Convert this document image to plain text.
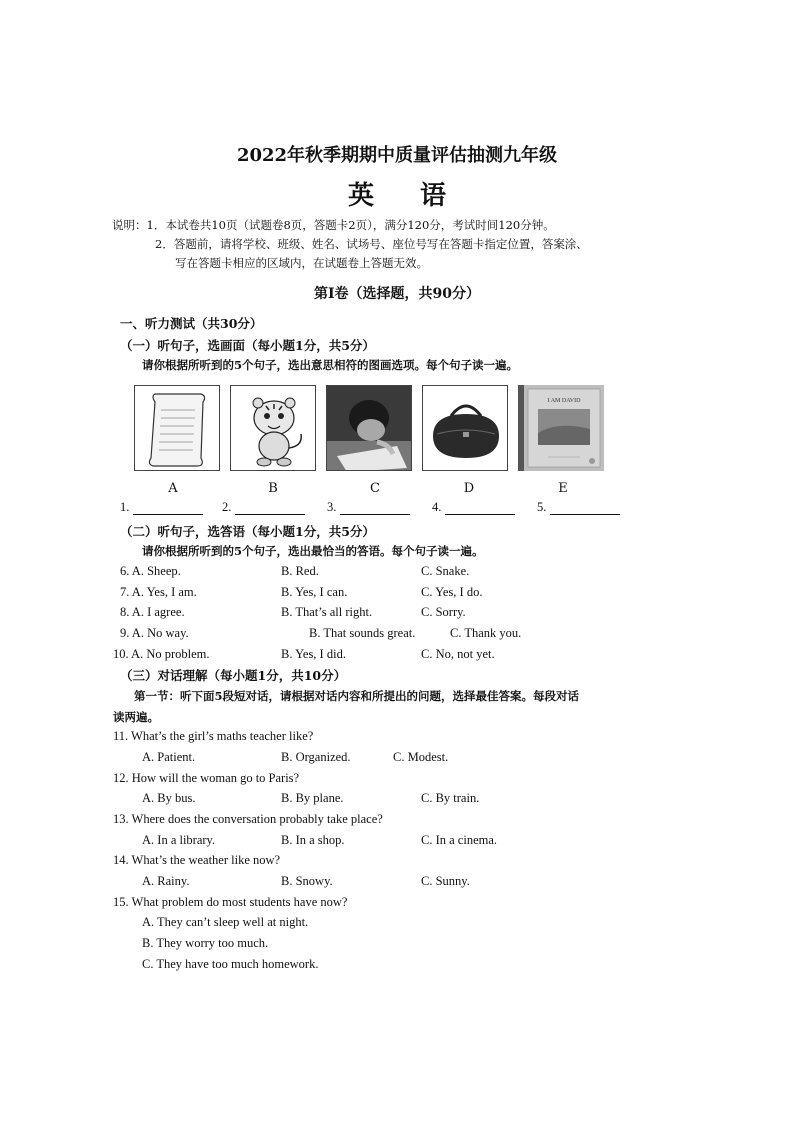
2022年秋季期期中质量评估抽测九年级
英语
说明：1．本试卷共10页（试题卷8页，答题卡2页），满分120分，考试时间120分钟。
2．答题前，请将学校、班级、姓名、试场号、座位号写在答题卡指定位置，答案涂、
写在答题卡相应的区域内，在试题卷上答题无效。
第Ⅰ卷（选择题，共90分）
一、听力测试（共30分）
（一）听句子，选画面（每小题1分，共5分）
请你根据所听到的5个句子，选出意思相符的图画选项。每个句子读一遍。
I AM DAVID
A	B	C	D	E
1.	2.	3.	4.	5.
（二）听句子，选答语（每小题1分，共5分）
请你根据所听到的5个句子，选出最恰当的答语。每个句子读一遍。
6. A. Sheep.	B. Red.	C. Snake.
7. A. Yes, I am.	B. Yes, I can.	C. Yes, I do.
8. A. I agree.	B. That’s all right.	C. Sorry.
9. A. No way.	B. That sounds great.	C. Thank you.
10. A. No problem.	B. Yes, I did.	C. No, not yet.
（三）对话理解（每小题1分，共10分）
第一节：听下面5段短对话，请根据对话内容和所提出的问题，选择最佳答案。每段对话
读两遍。
11. What’s the girl’s maths teacher like?
A. Patient.	B. Organized.	C. Modest.
12. How will the woman go to Paris?
A. By bus.	B. By plane.	C. By train.
13. Where does the conversation probably take place?
A. In a library.	B. In a shop.	C. In a cinema.
14. What’s the weather like now?
A. Rainy.	B. Snowy.	C. Sunny.
15. What problem do most students have now?
A. They can’t sleep well at night.
B. They worry too much.
C. They have too much homework.
